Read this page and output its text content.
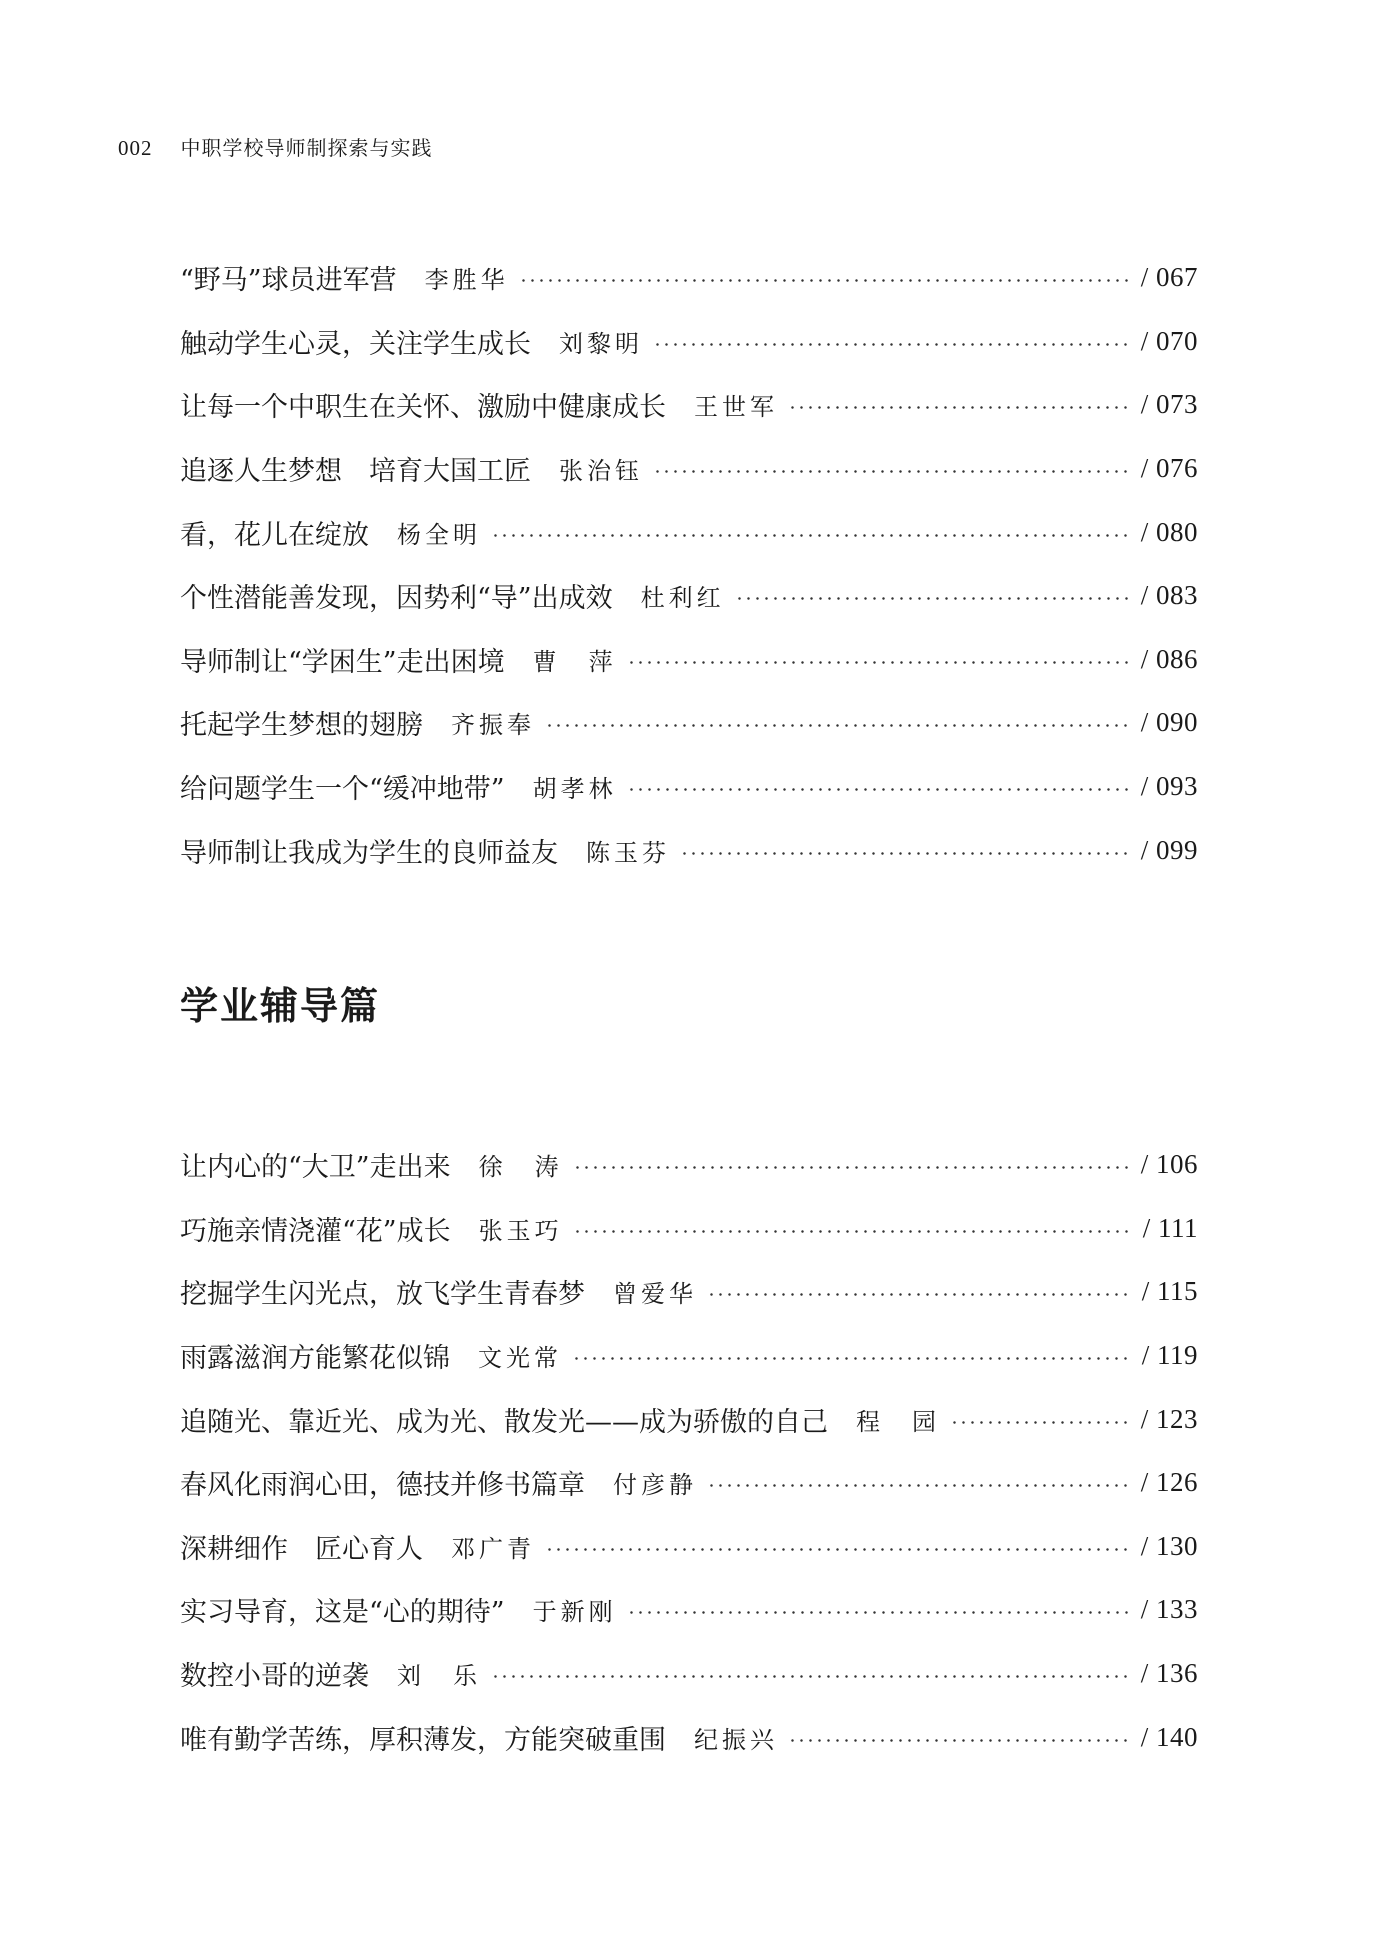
002 中职学校导师制探索与实践
“野马”球员进军营 李胜华	/ 067
触动学生心灵，关注学生成长 刘黎明	/ 070
让每一个中职生在关怀、激励中健康成长 王世军	/ 073
追逐人生梦想　培育大国工匠 张治钰	/ 076
看，花儿在绽放 杨全明	/ 080
个性潜能善发现，因势利“导”出成效 杜利红	/ 083
导师制让“学困生”走出困境 曹　萍	/ 086
托起学生梦想的翅膀 齐振奉	/ 090
给问题学生一个“缓冲地带” 胡孝林	/ 093
导师制让我成为学生的良师益友 陈玉芬	/ 099
学业辅导篇
让内心的“大卫”走出来 徐　涛	/ 106
巧施亲情浇灌“花”成长 张玉巧	/ 111
挖掘学生闪光点，放飞学生青春梦 曾爱华	/ 115
雨露滋润方能繁花似锦 文光常	/ 119
追随光、靠近光、成为光、散发光——成为骄傲的自己 程　园	/ 123
春风化雨润心田，德技并修书篇章 付彦静	/ 126
深耕细作　匠心育人 邓广青	/ 130
实习导育，这是“心的期待” 于新刚	/ 133
数控小哥的逆袭 刘　乐	/ 136
唯有勤学苦练，厚积薄发，方能突破重围 纪振兴	/ 140
